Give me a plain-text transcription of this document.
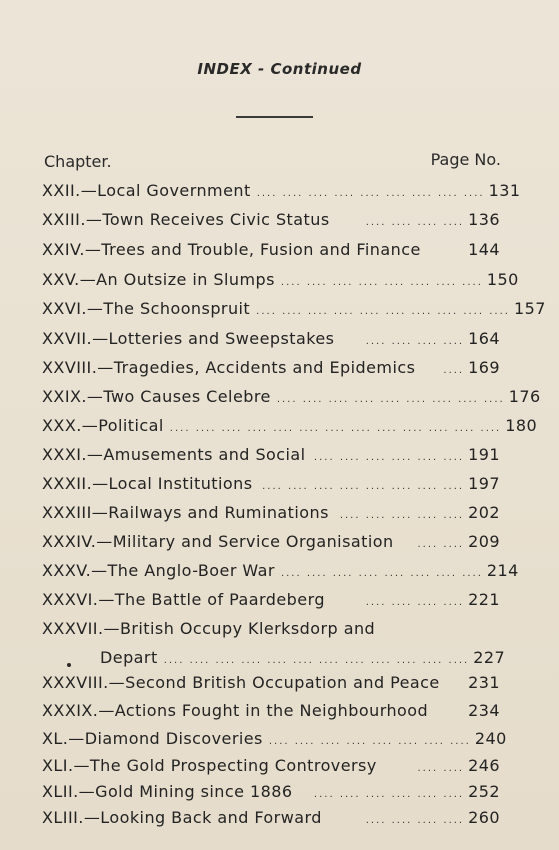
INDEX - Continued
Chapter.	Page No.
XXII.—Local Government .... .... .... .... .... .... .... .... .... 131
XXIII.—Town Receives Civic Status	.... .... .... .... 136
XXIV.—Trees and Trouble, Fusion and Finance	144
XXV.—An Outsize in Slumps .... .... .... .... .... .... .... .... 150
XXVI.—The Schoonspruit .... .... .... .... .... .... .... .... .... .... 157
XXVII.—Lotteries and Sweepstakes	.... .... .... .... 164
XXVIII.—Tragedies, Accidents and Epidemics	.... 169
XXIX.—Two Causes Celebre .... .... .... .... .... .... .... .... .... 176
XXX.—Political .... .... .... .... .... .... .... .... .... .... .... .... .... 180
XXXI.—Amusements and Social .... .... .... .... .... .... 191
XXXII.—Local Institutions .... .... .... .... .... .... .... .... 197
XXXIII—Railways and Ruminations	.... .... .... .... .... 202
XXXIV.—Military and Service Organisation	.... .... 209
XXXV.—The Anglo-Boer War .... .... .... .... .... .... .... .... 214
XXXVI.—The Battle of Paardeberg	.... .... .... .... 221
XXXVII.—British Occupy Klerksdorp and
Depart .... .... .... .... .... .... .... .... .... .... .... .... 227
XXXVIII.—Second British Occupation and Peace 231
XXXIX.—Actions Fought in the Neighbourhood 234
XL.—Diamond Discoveries .... .... .... .... .... .... .... .... 240
XLI.—The Gold Prospecting Controversy	.... .... 246
XLII.—Gold Mining since 1886	.... .... .... .... .... .... 252
XLIII.—Looking Back and Forward	.... .... .... .... 260
